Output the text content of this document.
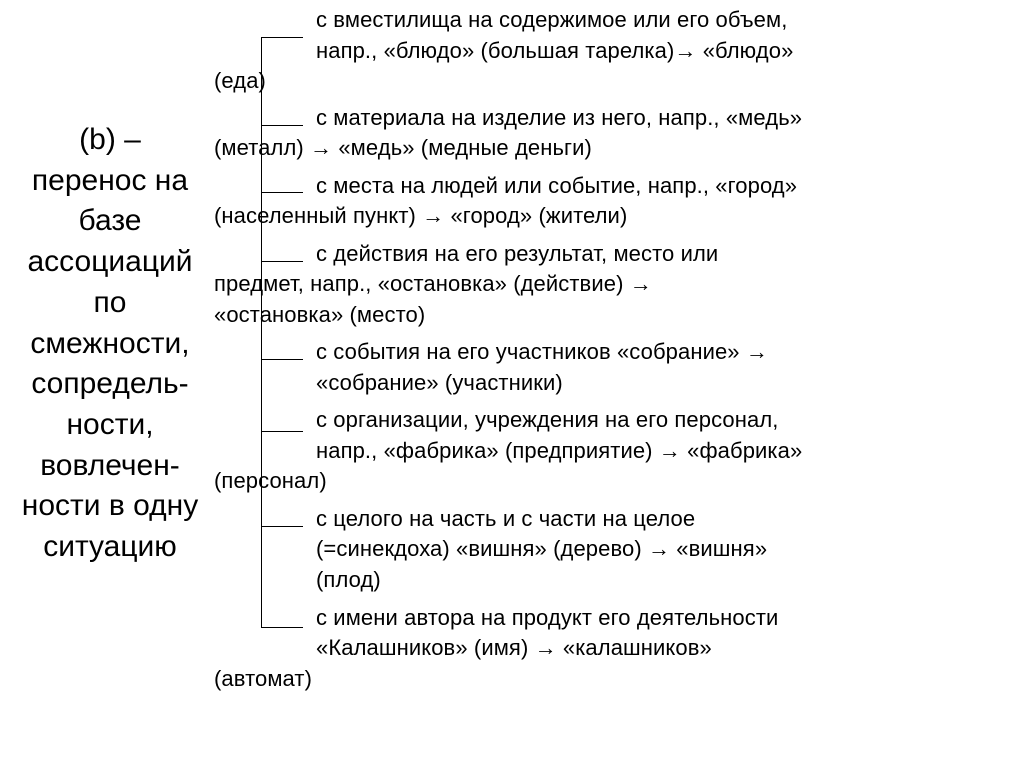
(b) –
перенос на
базе
ассоциаций
по
смежности,
сопредель-
ности,
вовлечен-
ности в одну
ситуацию
с вместилища на содержимое или его объем,
напр., «блюдо» (большая тарелка)→ «блюдо»
(еда)
с материала на изделие из него, напр., «медь»
(металл) → «медь» (медные деньги)
с места на людей или событие, напр., «город»
(населенный пункт) → «город» (жители)
с действия на его результат, место или
предмет, напр., «остановка» (действие) →
«остановка» (место)
с события на его участников «собрание» →
«собрание» (участники)
с организации, учреждения на его персонал,
напр., «фабрика» (предприятие) → «фабрика»
(персонал)
с целого на часть и с части на целое
(=синекдоха) «вишня» (дерево) → «вишня»
(плод)
с имени автора на продукт его деятельности
«Калашников» (имя) → «калашников»
(автомат)
